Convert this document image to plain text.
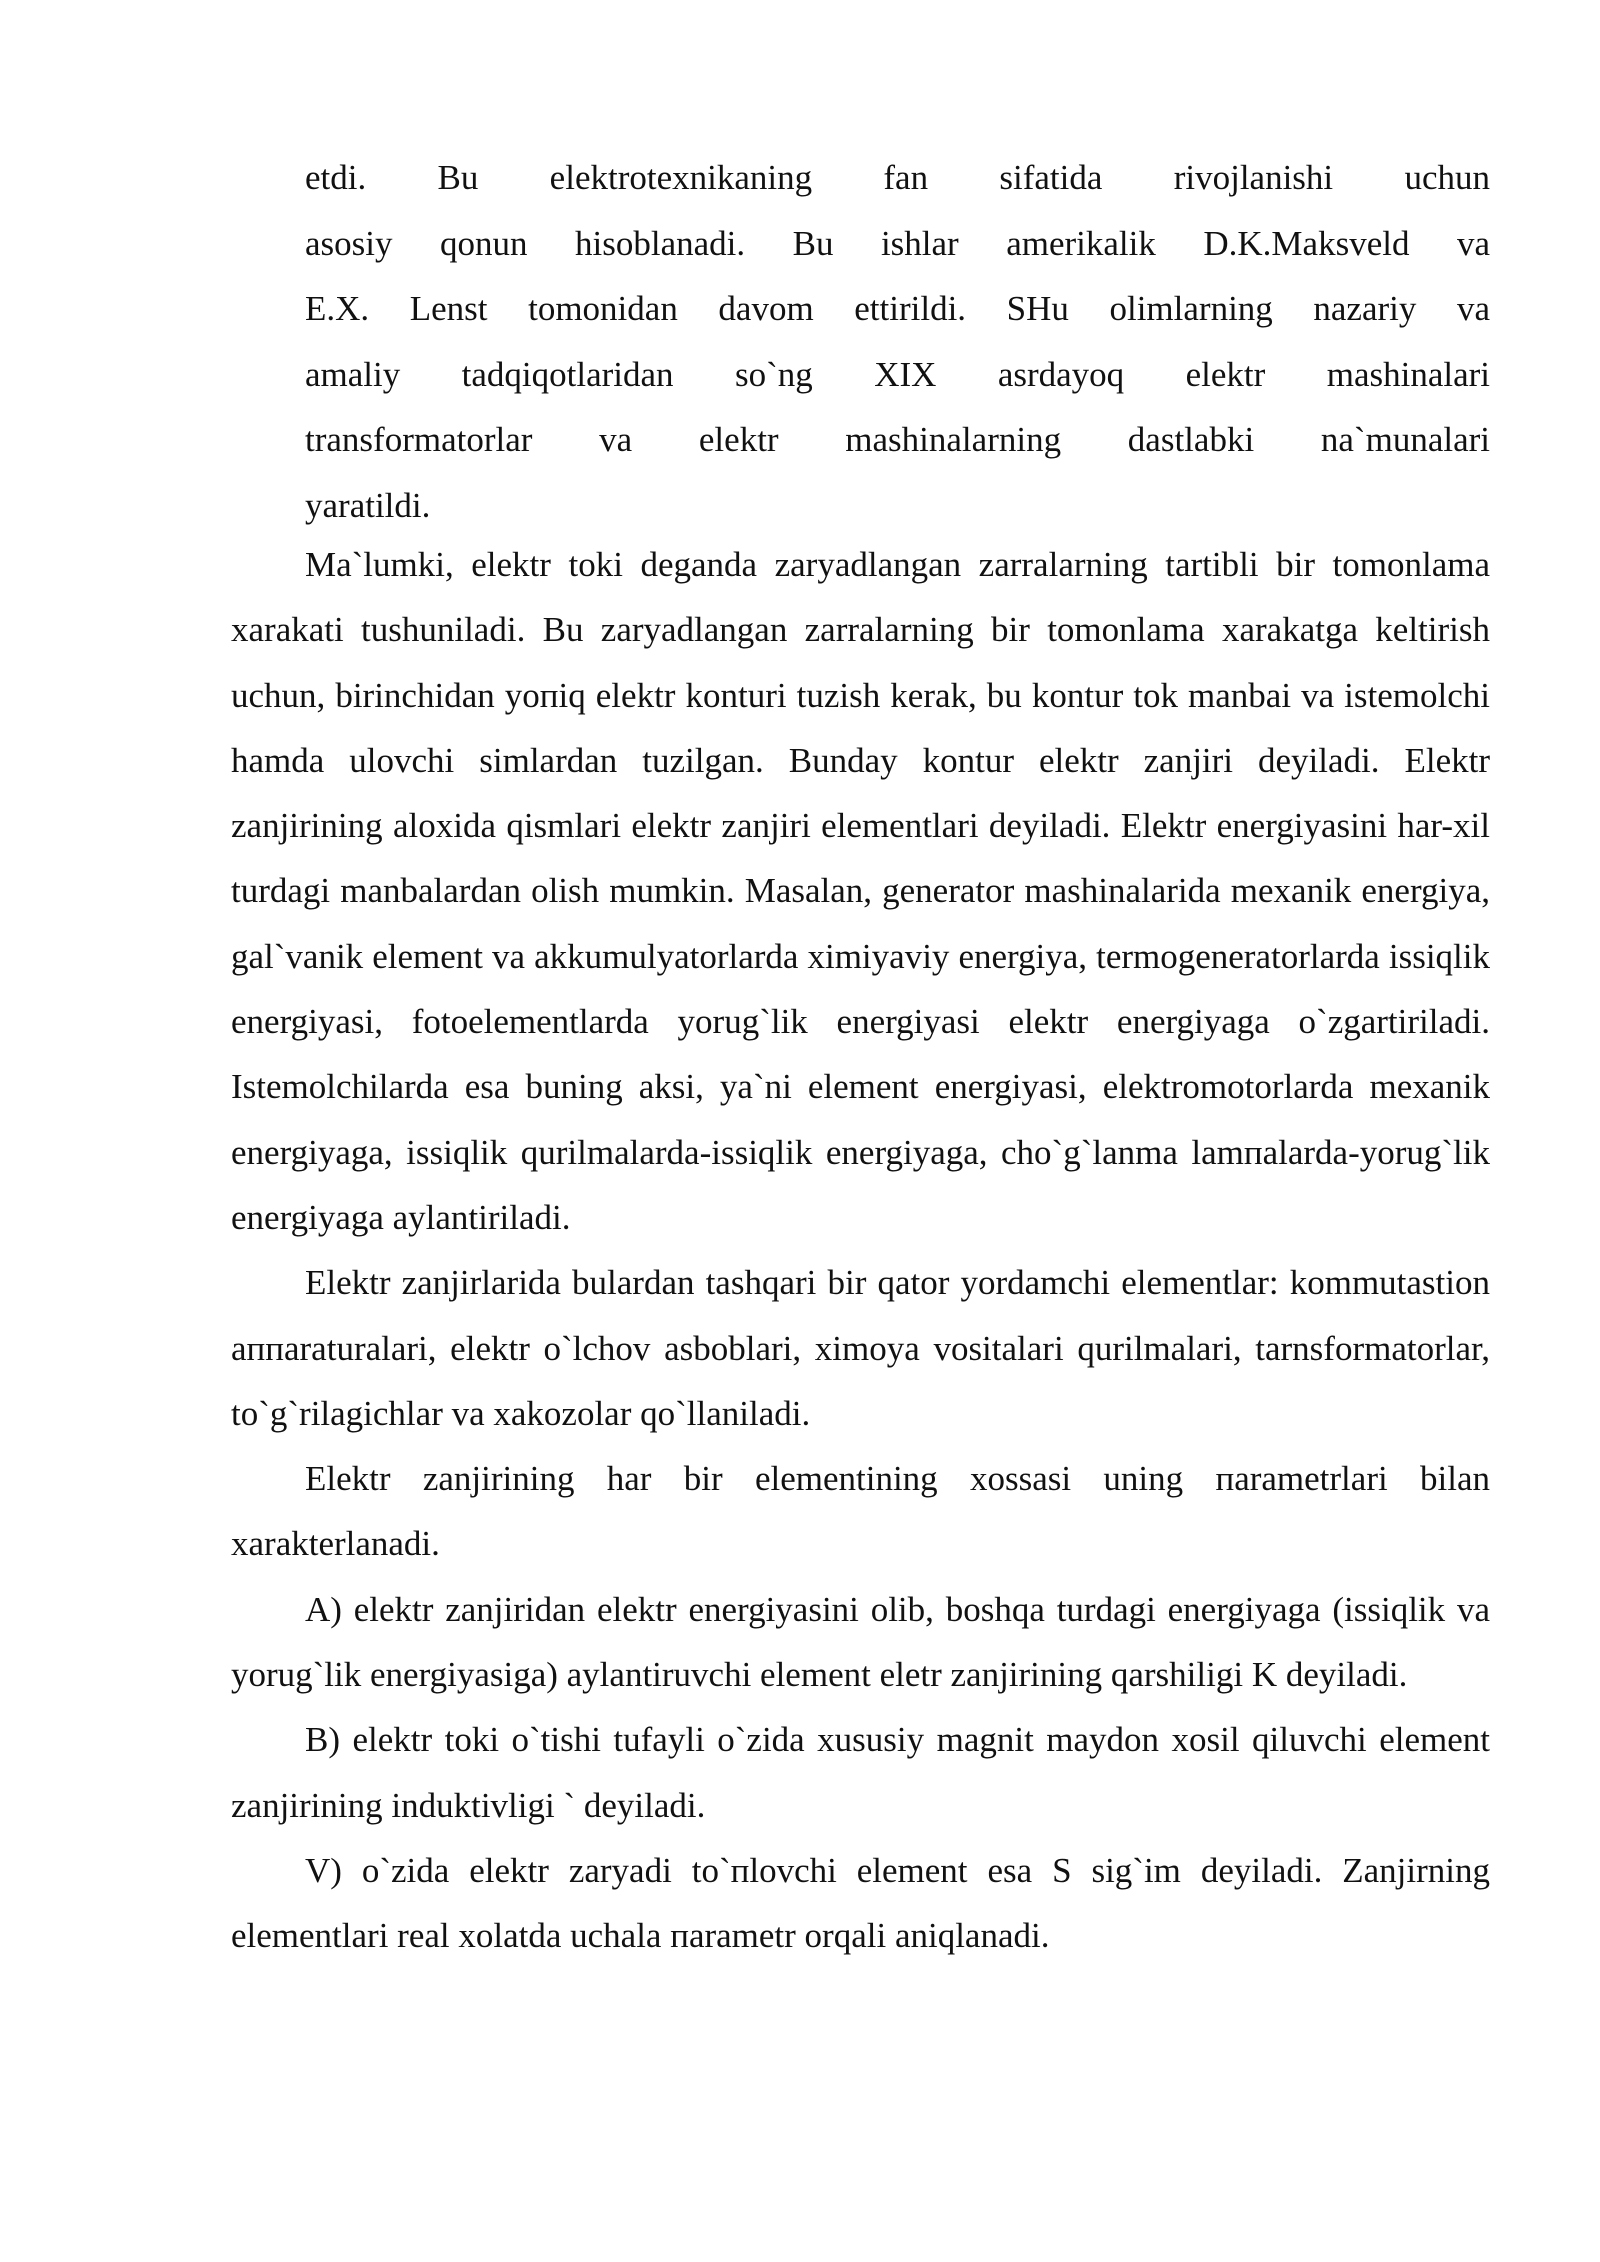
etdi. Bu elektrotexnikaning fan sifatida rivojlanishi uchun
asosiy qonun hisoblanadi. Bu ishlar amerikalik D.K.Maksveld va
E.X. Lenst tomonidan davom ettirildi. SHu olimlarning nazariy va
amaliy tadqiqotlaridan so`ng XIX asrdayoq elektr mashinalari
transformatorlar va elektr mashinalarning dastlabki na`munalari
yaratildi.

Ma`lumki, elektr toki deganda zaryadlangan zarralarning tartibli bir tomonlama xarakati tushuniladi. Bu zaryadlangan zarralarning bir tomonlama xarakatga keltirish uchun, birinchidan yoпiq elektr konturi tuzish kerak, bu kontur tok manbai va istemolchi hamda ulovchi simlardan tuzilgan. Bunday kontur elektr zanjiri deyiladi. Elektr zanjirining aloxida qismlari elektr zanjiri elementlari deyiladi. Elektr energiyasini har-xil turdagi manbalardan olish mumkin. Masalan, generator mashinalarida mexanik energiya, gal`vanik element va akkumulyatorlarda ximiyaviy energiya, termogeneratorlarda issiqlik energiyasi, fotoelementlarda yorug`lik energiyasi elektr energiyaga o`zgartiriladi. Istemolchilarda esa buning aksi, ya`ni element energiyasi, elektromotorlarda mexanik energiyaga, issiqlik qurilmalarda-issiqlik energiyaga, cho`g`lanma lamпalarda-yorug`lik energiyaga aylantiriladi.

Elektr zanjirlarida bulardan tashqari bir qator yordamchi elementlar: kommutastion aппaraturalari, elektr o`lchov asboblari, ximoya vositalari qurilmalari, tarnsformatorlar, to`g`rilagichlar va xakozolar qo`llaniladi.

Elektr zanjirining har bir elementining xossasi uning пarametrlari bilan xarakterlanadi.

A) elektr zanjiridan elektr energiyasini olib, boshqa turdagi energiyaga (issiqlik va yorug`lik energiyasiga) aylantiruvchi element eletr zanjirining qarshiligi K deyiladi.

B) elektr toki o`tishi tufayli o`zida xususiy magnit maydon xosil qiluvchi element zanjirining induktivligi ` deyiladi.

V) o`zida elektr zaryadi to`пlovchi element esa S sig`im deyiladi. Zanjirning elementlari real xolatda uchala пarametr orqali aniqlanadi.
